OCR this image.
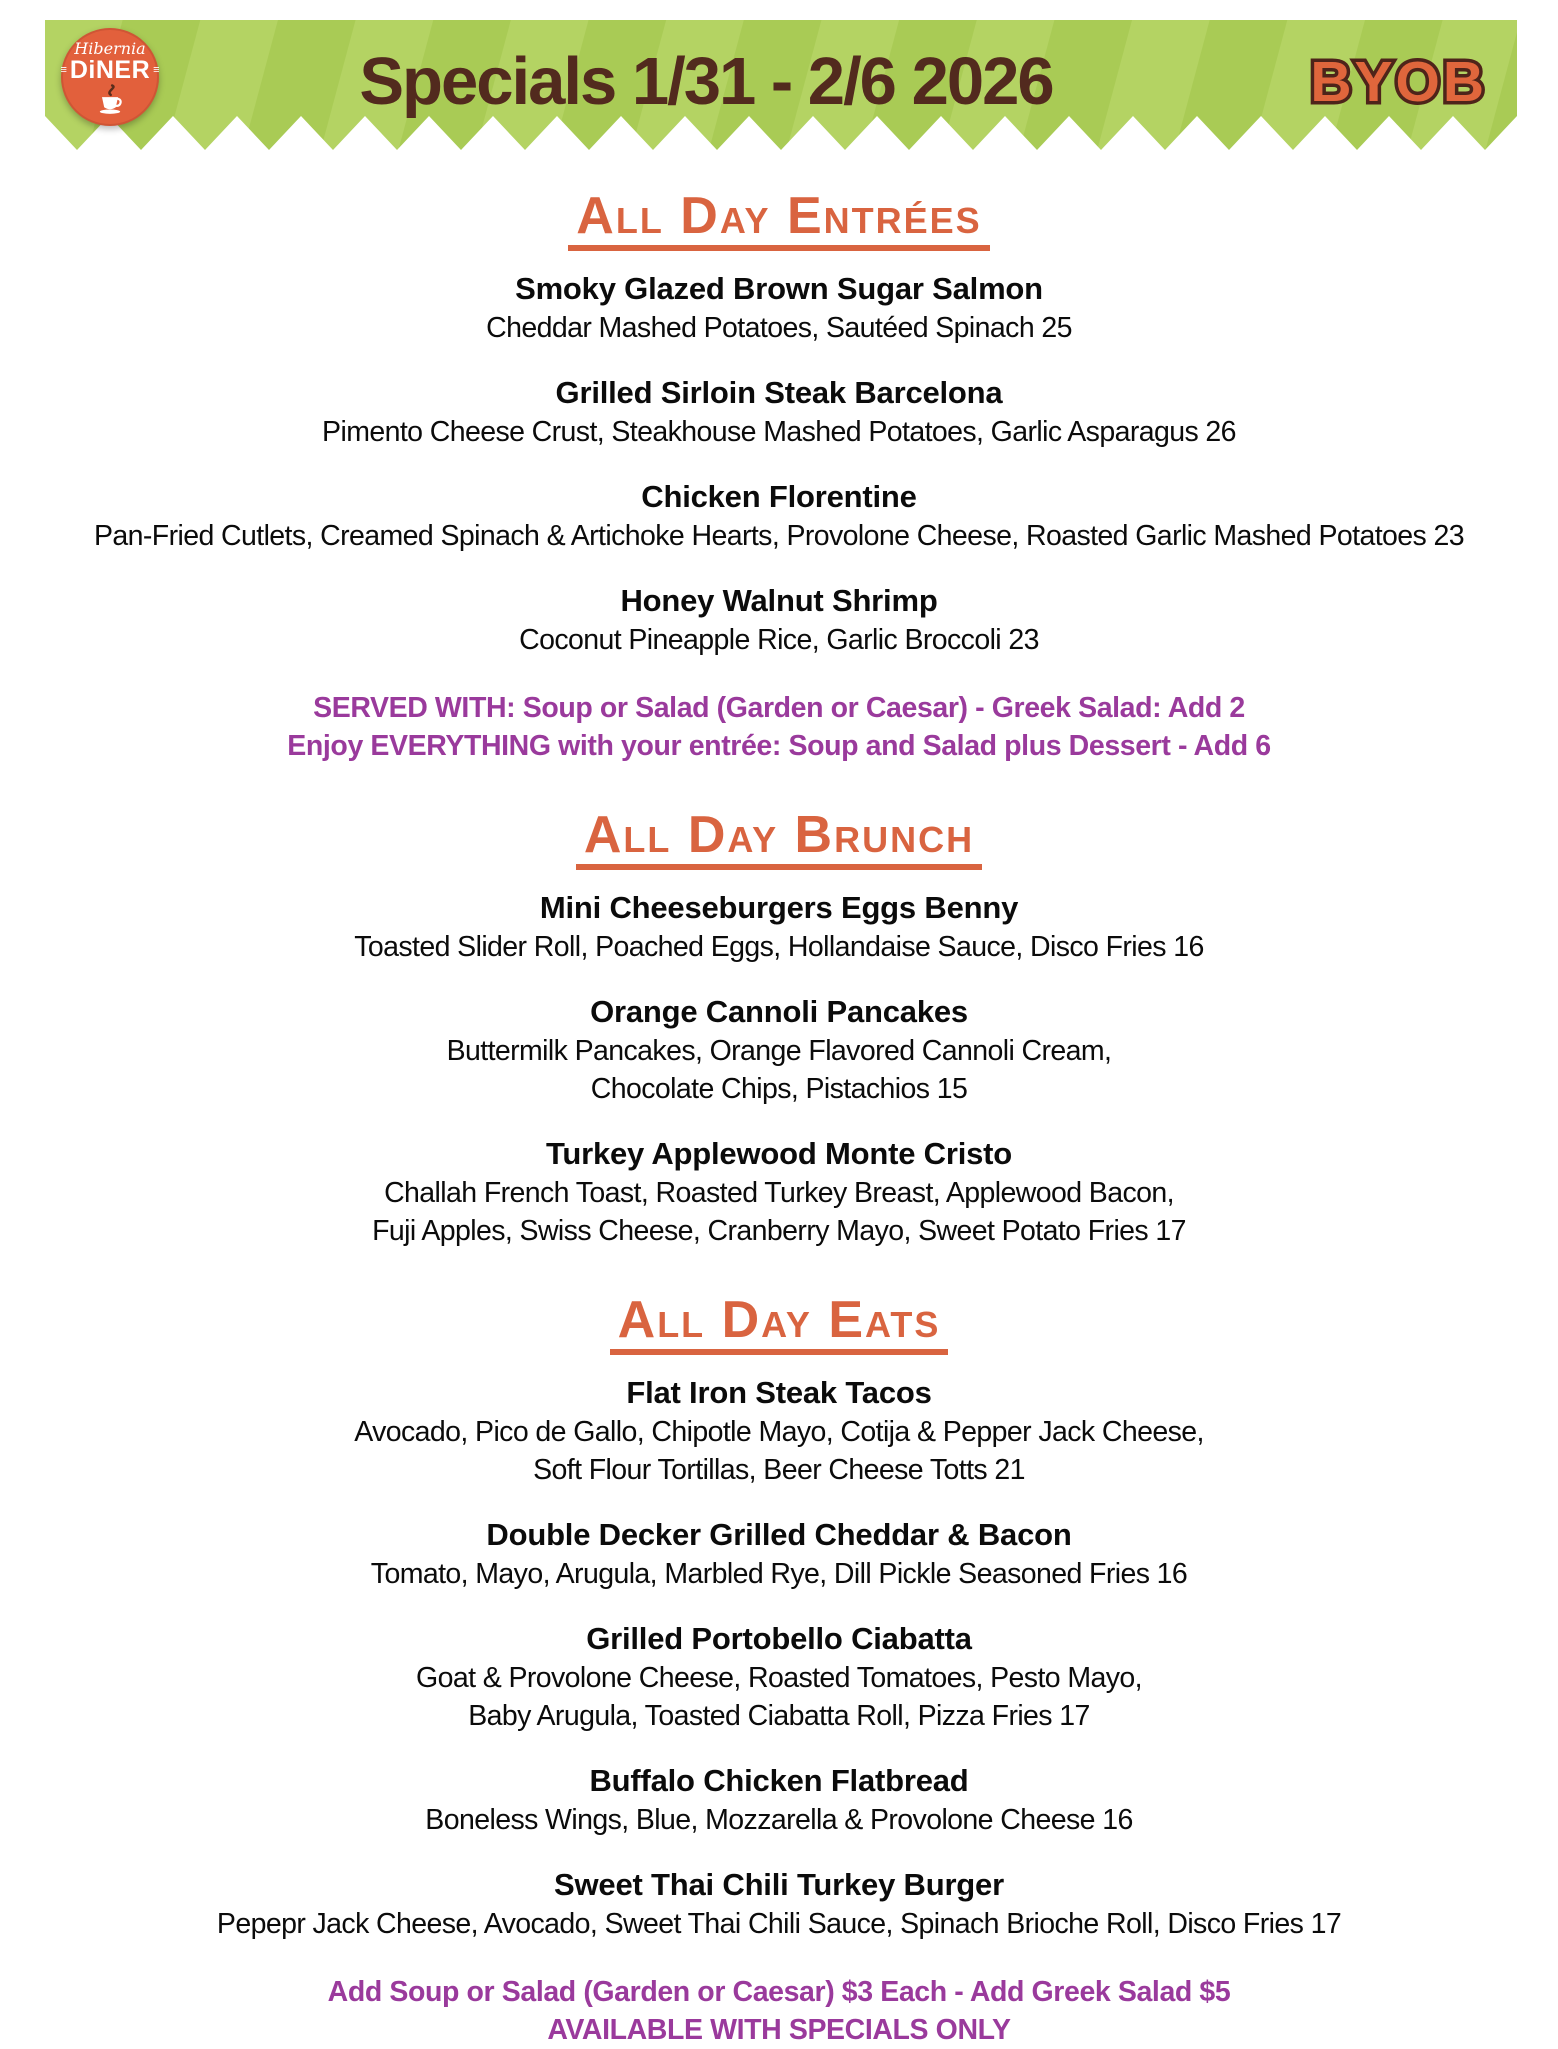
Hibernia
≡ DiNER ≡	Specials 1/31 - 2/6 2026	BYOB
All Day Entrées
Smoky Glazed Brown Sugar Salmon
Cheddar Mashed Potatoes, Sautéed Spinach 25
Grilled Sirloin Steak Barcelona
Pimento Cheese Crust, Steakhouse Mashed Potatoes, Garlic Asparagus 26
Chicken Florentine
Pan-Fried Cutlets, Creamed Spinach & Artichoke Hearts, Provolone Cheese, Roasted Garlic Mashed Potatoes 23
Honey Walnut Shrimp
Coconut Pineapple Rice, Garlic Broccoli 23
SERVED WITH: Soup or Salad (Garden or Caesar) - Greek Salad: Add 2
Enjoy EVERYTHING with your entrée: Soup and Salad plus Dessert - Add 6
All Day Brunch
Mini Cheeseburgers Eggs Benny
Toasted Slider Roll, Poached Eggs, Hollandaise Sauce, Disco Fries 16
Orange Cannoli Pancakes
Buttermilk Pancakes, Orange Flavored Cannoli Cream,
Chocolate Chips, Pistachios 15
Turkey Applewood Monte Cristo
Challah French Toast, Roasted Turkey Breast, Applewood Bacon,
Fuji Apples, Swiss Cheese, Cranberry Mayo, Sweet Potato Fries 17
All Day Eats
Flat Iron Steak Tacos
Avocado, Pico de Gallo, Chipotle Mayo, Cotija & Pepper Jack Cheese,
Soft Flour Tortillas, Beer Cheese Totts 21
Double Decker Grilled Cheddar & Bacon
Tomato, Mayo, Arugula, Marbled Rye, Dill Pickle Seasoned Fries 16
Grilled Portobello Ciabatta
Goat & Provolone Cheese, Roasted Tomatoes, Pesto Mayo,
Baby Arugula, Toasted Ciabatta Roll, Pizza Fries 17
Buffalo Chicken Flatbread
Boneless Wings, Blue, Mozzarella & Provolone Cheese 16
Sweet Thai Chili Turkey Burger
Pepepr Jack Cheese, Avocado, Sweet Thai Chili Sauce, Spinach Brioche Roll, Disco Fries 17
Add Soup or Salad (Garden or Caesar) $3 Each - Add Greek Salad $5
AVAILABLE WITH SPECIALS ONLY
